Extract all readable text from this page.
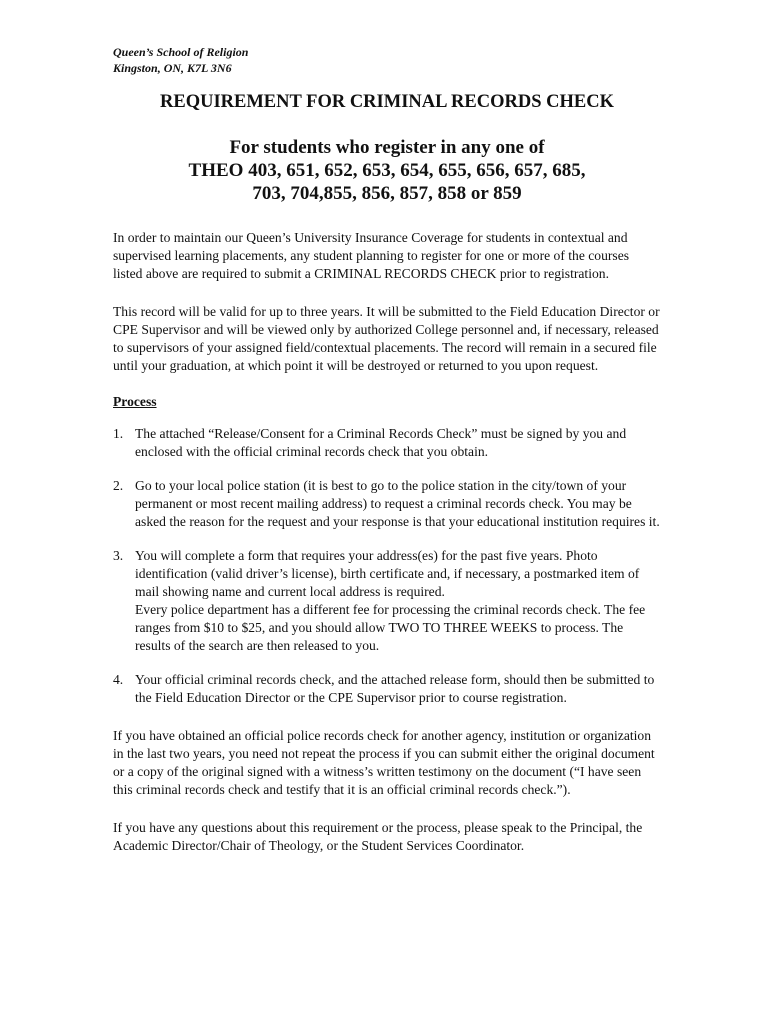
Queen’s School of Religion

Kingston, ON, K7L 3N6

REQUIREMENT FOR CRIMINAL RECORDS CHECK
For students who register in any one of
THEO 403, 651, 652, 653, 654, 655, 656, 657, 685,
703, 704,855, 856, 857, 858 or 859

In order to maintain our Queen’s University Insurance Coverage for students in contextual and supervised learning placements, any student planning to register for one or more of the courses listed above are required to submit a CRIMINAL RECORDS CHECK prior to registration.

This record will be valid for up to three years. It will be submitted to the Field Education Director or CPE Supervisor and will be viewed only by authorized College personnel and, if necessary, released to supervisors of your assigned field/contextual placements. The record will remain in a secured file until your graduation, at which point it will be destroyed or returned to you upon request.

Process
1. The attached “Release/Consent for a Criminal Records Check” must be signed by you and enclosed with the official criminal records check that you obtain.

2. Go to your local police station (it is best to go to the police station in the city/town of your permanent or most recent mailing address) to request a criminal records check. You may be asked the reason for the request and your response is that your educational institution requires it.

3. You will complete a form that requires your address(es) for the past five years. Photo identification (valid driver’s license), birth certificate and, if necessary, a postmarked item of mail showing name and current local address is required.

Every police department has a different fee for processing the criminal records check. The fee ranges from $10 to $25, and you should allow TWO TO THREE WEEKS to process. The results of the search are then released to you.

4. Your official criminal records check, and the attached release form, should then be submitted to the Field Education Director or the CPE Supervisor prior to course registration.

If you have obtained an official police records check for another agency, institution or organization in the last two years, you need not repeat the process if you can submit either the original document or a copy of the original signed with a witness’s written testimony on the document (“I have seen this criminal records check and testify that it is an official criminal records check.”).

If you have any questions about this requirement or the process, please speak to the Principal, the Academic Director/Chair of Theology, or the Student Services Coordinator.
